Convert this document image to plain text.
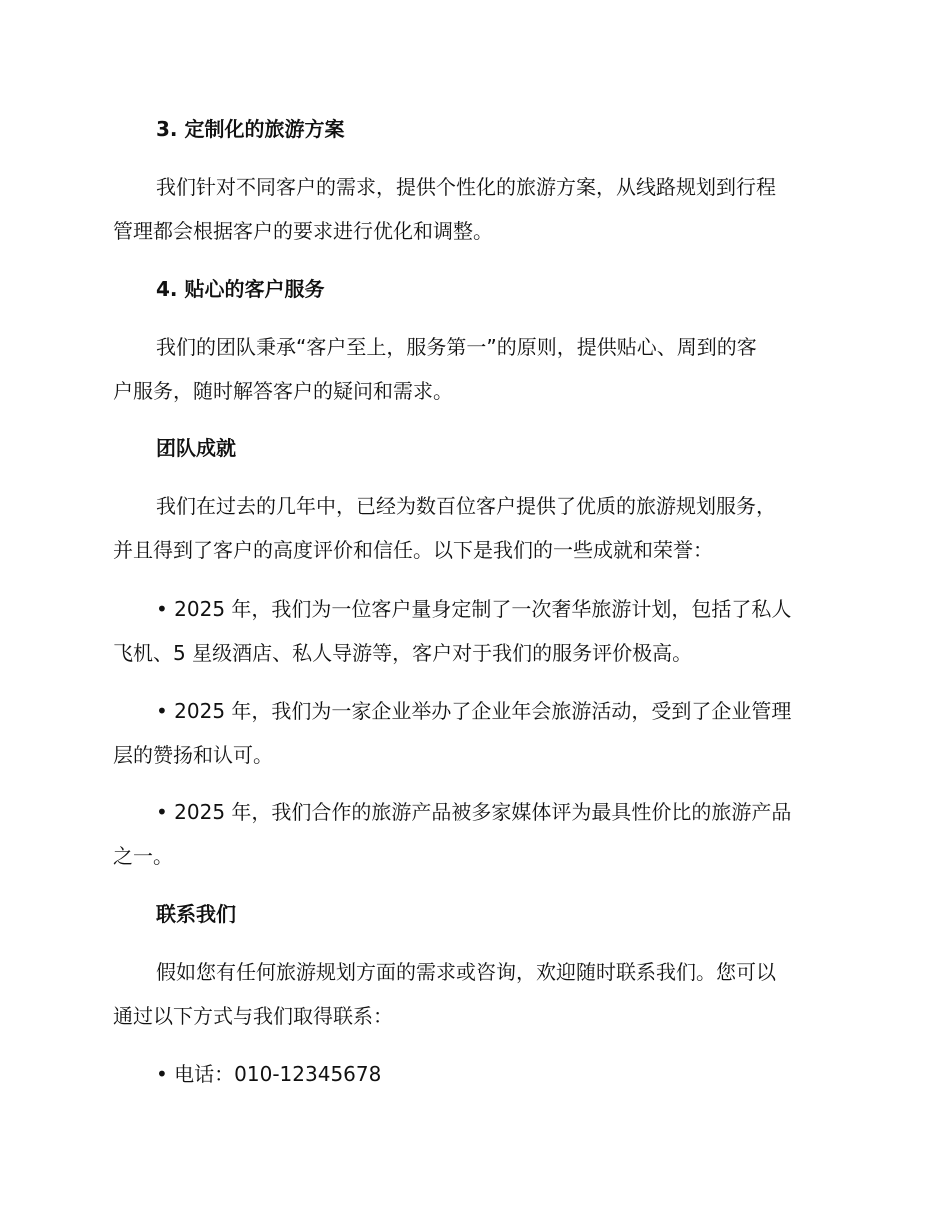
3. 定制化的旅游方案

我们针对不同客户的需求，提供个性化的旅游方案，从线路规划到行程
管理都会根据客户的要求进行优化和调整。

4. 贴心的客户服务

我们的团队秉承“客户至上，服务第一”的原则，提供贴心、周到的客
户服务，随时解答客户的疑问和需求。

团队成就

我们在过去的几年中，已经为数百位客户提供了优质的旅游规划服务，
并且得到了客户的高度评价和信任。以下是我们的一些成就和荣誉：

• 2025 年，我们为一位客户量身定制了一次奢华旅游计划，包括了私人
飞机、5 星级酒店、私人导游等，客户对于我们的服务评价极高。

• 2025 年，我们为一家企业举办了企业年会旅游活动，受到了企业管理
层的赞扬和认可。

• 2025 年，我们合作的旅游产品被多家媒体评为最具性价比的旅游产品
之一。

联系我们

假如您有任何旅游规划方面的需求或咨询，欢迎随时联系我们。您可以
通过以下方式与我们取得联系：

• 电话：010-12345678
